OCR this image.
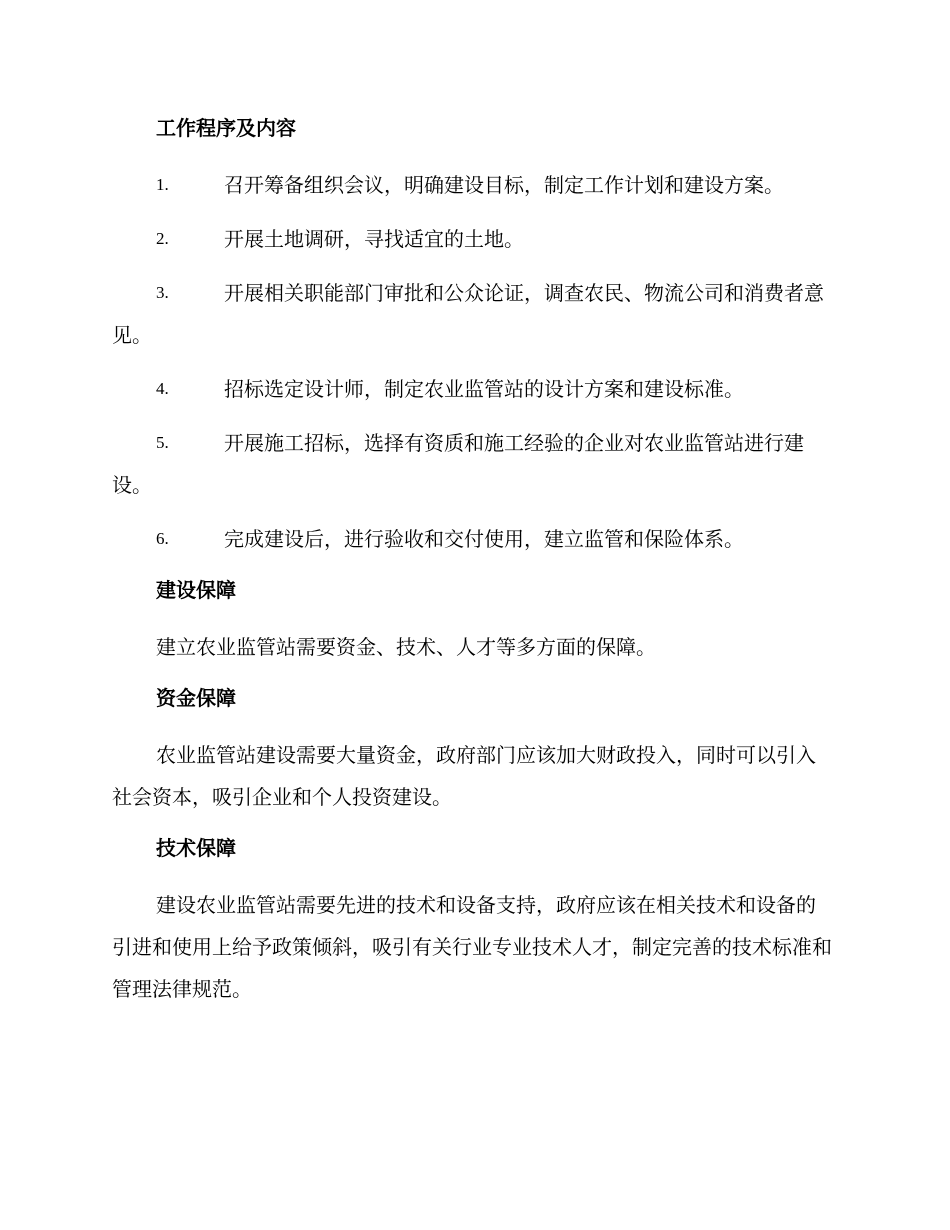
工作程序及内容
1.	召开筹备组织会议，明确建设目标，制定工作计划和建设方案。
2.	开展土地调研，寻找适宜的土地。
3.	开展相关职能部门审批和公众论证，调查农民、物流公司和消费者意见。
4.	招标选定设计师，制定农业监管站的设计方案和建设标准。
5.	开展施工招标，选择有资质和施工经验的企业对农业监管站进行建设。
6.	完成建设后，进行验收和交付使用，建立监管和保险体系。
建设保障
建立农业监管站需要资金、技术、人才等多方面的保障。
资金保障
农业监管站建设需要大量资金，政府部门应该加大财政投入，同时可以引入社会资本，吸引企业和个人投资建设。
技术保障
建设农业监管站需要先进的技术和设备支持，政府应该在相关技术和设备的引进和使用上给予政策倾斜，吸引有关行业专业技术人才，制定完善的技术标准和管理法律规范。
